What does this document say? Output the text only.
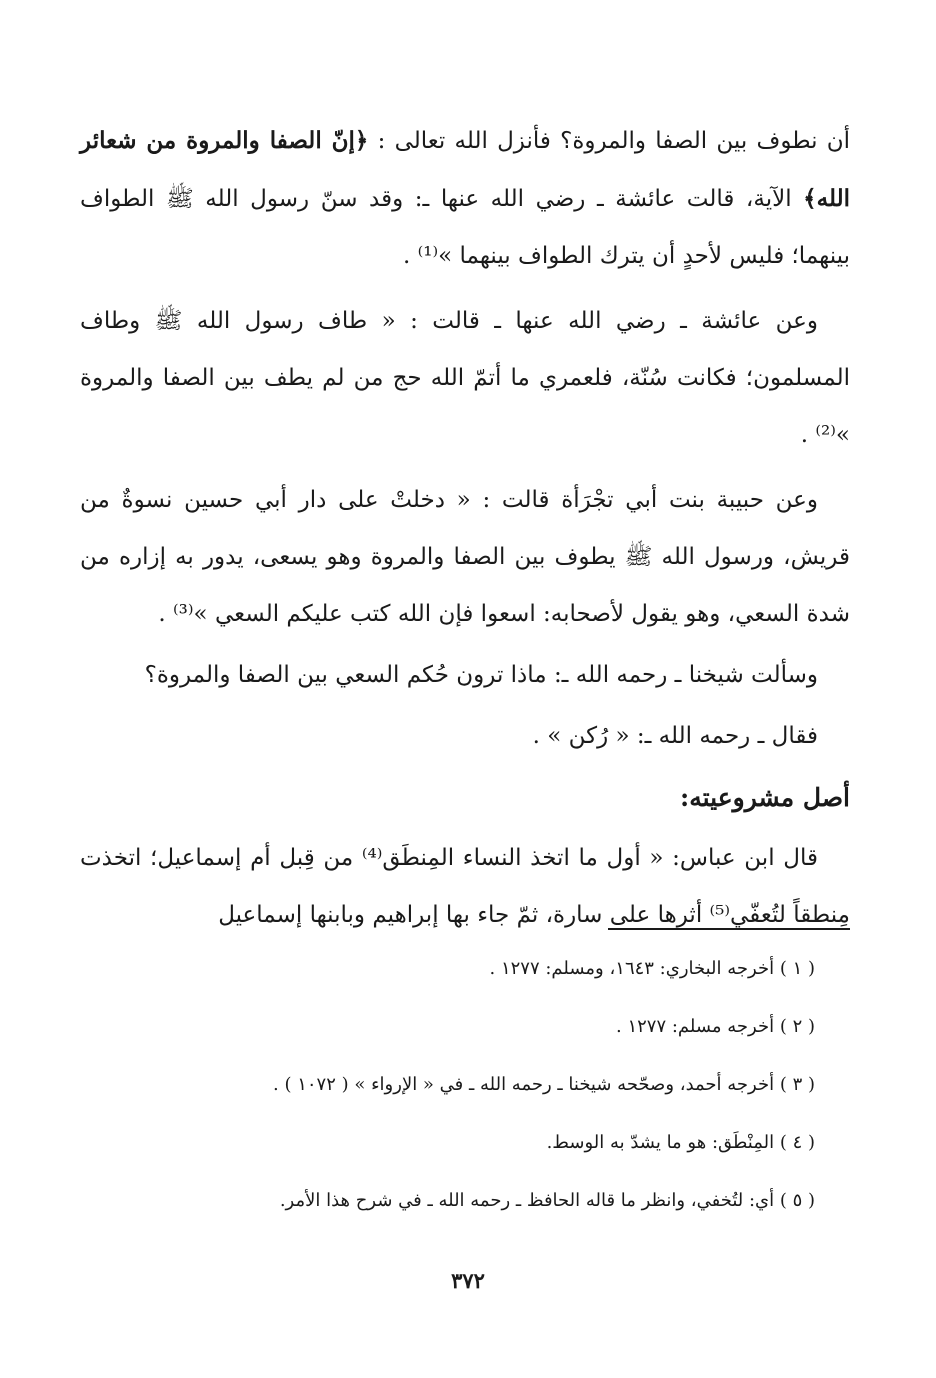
أن نطوف بين الصفا والمروة؟ فأنزل الله تعالى : ﴿إنّ الصفا والمروة من شعائر الله﴾ الآية، قالت عائشة ـ رضي الله عنها ـ: وقد سنّ رسول الله ﷺ الطواف بينهما؛ فليس لأحدٍ أن يترك الطواف بينهما »⁽¹⁾ .

وعن عائشة ـ رضي الله عنها ـ قالت : « طاف رسول الله ﷺ وطاف المسلمون؛ فكانت سُنّة، فلعمري ما أتمّ الله حج من لم يطف بين الصفا والمروة »⁽²⁾ .

وعن حبيبة بنت أبي تجْرَأة قالت : « دخلتْ على دار أبي حسين نسوةٌ من قريش، ورسول الله ﷺ يطوف بين الصفا والمروة وهو يسعى، يدور به إزاره من شدة السعي، وهو يقول لأصحابه: اسعوا فإن الله كتب عليكم السعي »⁽³⁾ .

وسألت شيخنا ـ رحمه الله ـ: ماذا ترون حُكم السعي بين الصفا والمروة؟

فقال ـ رحمه الله ـ: « رُكن » .

أصل مشروعيته:

قال ابن عباس: « أول ما اتخذ النساء المِنطَق⁽⁴⁾ من قِبل أم إسماعيل؛ اتخذت مِنطقاً لتُعفّي⁽⁵⁾ أثرها على سارة، ثمّ جاء بها إبراهيم وبابنها إسماعيل

( ١ ) أخرجه البخاري: ١٦٤٣، ومسلم: ١٢٧٧ .

( ٢ ) أخرجه مسلم: ١٢٧٧ .

( ٣ ) أخرجه أحمد، وصحّحه شيخنا ـ رحمه الله ـ في « الإرواء » ( ١٠٧٢ ) .

( ٤ ) المِنْطَق: هو ما يشدّ به الوسط.

( ٥ ) أي: لتُخفي، وانظر ما قاله الحافظ ـ رحمه الله ـ في شرح هذا الأمر.

٣٧٢
